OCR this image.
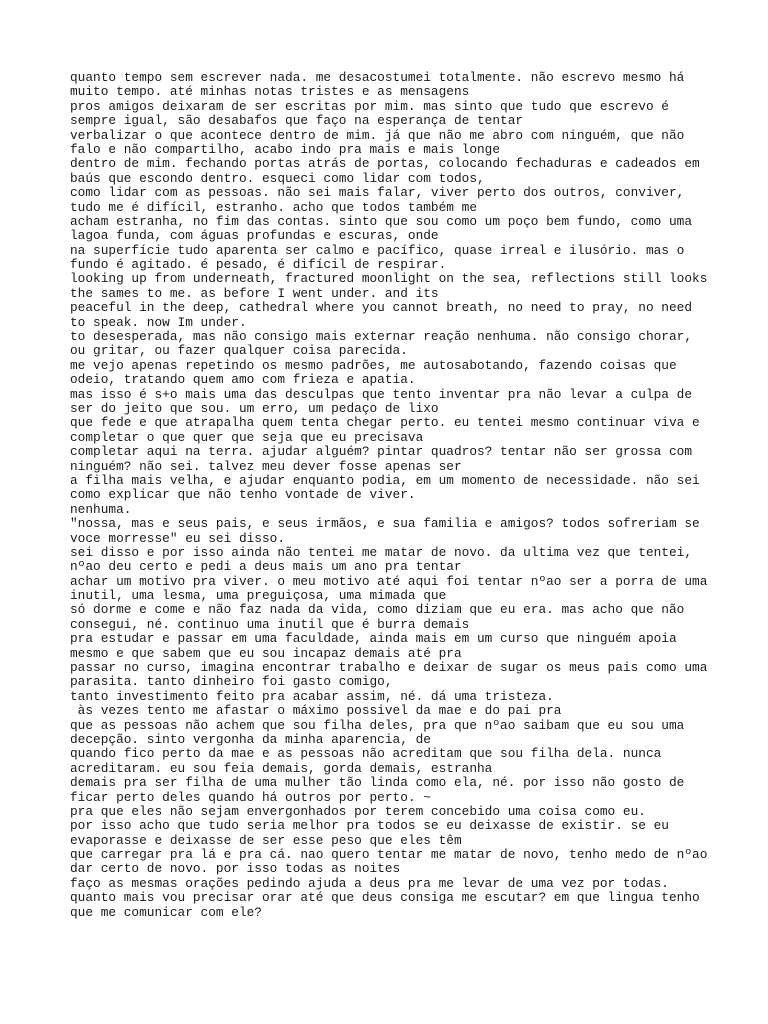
quanto tempo sem escrever nada. me desacostumei totalmente. não escrevo mesmo há
muito tempo. até minhas notas tristes e as mensagens
pros amigos deixaram de ser escritas por mim. mas sinto que tudo que escrevo é
sempre igual, são desabafos que faço na esperança de tentar
verbalizar o que acontece dentro de mim. já que não me abro com ninguém, que não
falo e não compartilho, acabo indo pra mais e mais longe
dentro de mim. fechando portas atrás de portas, colocando fechaduras e cadeados em
baús que escondo dentro. esqueci como lidar com todos,
como lidar com as pessoas. não sei mais falar, viver perto dos outros, conviver,
tudo me é difícil, estranho. acho que todos também me
acham estranha, no fim das contas. sinto que sou como um poço bem fundo, como uma
lagoa funda, com águas profundas e escuras, onde
na superfície tudo aparenta ser calmo e pacífico, quase irreal e ilusório. mas o
fundo é agitado. é pesado, é difícil de respirar.
looking up from underneath, fractured moonlight on the sea, reflections still looks
the sames to me. as before I went under. and its
peaceful in the deep, cathedral where you cannot breath, no need to pray, no need
to speak. now Im under.
to desesperada, mas não consigo mais externar reação nenhuma. não consigo chorar,
ou gritar, ou fazer qualquer coisa parecida.
me vejo apenas repetindo os mesmo padrões, me autosabotando, fazendo coisas que
odeio, tratando quem amo com frieza e apatia.
mas isso é s+o mais uma das desculpas que tento inventar pra não levar a culpa de
ser do jeito que sou. um erro, um pedaço de lixo
que fede e que atrapalha quem tenta chegar perto. eu tentei mesmo continuar viva e
completar o que quer que seja que eu precisava
completar aqui na terra. ajudar alguém? pintar quadros? tentar não ser grossa com
ninguém? não sei. talvez meu dever fosse apenas ser
a filha mais velha, e ajudar enquanto podia, em um momento de necessidade. não sei
como explicar que não tenho vontade de viver.
nenhuma.
"nossa, mas e seus pais, e seus irmãos, e sua familia e amigos? todos sofreriam se
voce morresse" eu sei disso.
sei disso e por isso ainda não tentei me matar de novo. da ultima vez que tentei,
nºao deu certo e pedi a deus mais um ano pra tentar
achar um motivo pra viver. o meu motivo até aqui foi tentar nºao ser a porra de uma
inutil, uma lesma, uma preguiçosa, uma mimada que
só dorme e come e não faz nada da vida, como diziam que eu era. mas acho que não
consegui, né. continuo uma inutil que é burra demais
pra estudar e passar em uma faculdade, ainda mais em um curso que ninguém apoia
mesmo e que sabem que eu sou incapaz demais até pra
passar no curso, imagina encontrar trabalho e deixar de sugar os meus pais como uma
parasita. tanto dinheiro foi gasto comigo,
tanto investimento feito pra acabar assim, né. dá uma tristeza.
às vezes tento me afastar o máximo possivel da mae e do pai pra
que as pessoas não achem que sou filha deles, pra que nºao saibam que eu sou uma
decepção. sinto vergonha da minha aparencia, de
quando fico perto da mae e as pessoas não acreditam que sou filha dela. nunca
acreditaram. eu sou feia demais, gorda demais, estranha
demais pra ser filha de uma mulher tão linda como ela, né. por isso não gosto de
ficar perto deles quando há outros por perto. ~
pra que eles não sejam envergonhados por terem concebido uma coisa como eu.
por isso acho que tudo seria melhor pra todos se eu deixasse de existir. se eu
evaporasse e deixasse de ser esse peso que eles têm
que carregar pra lá e pra cá. nao quero tentar me matar de novo, tenho medo de nºao
dar certo de novo. por isso todas as noites
faço as mesmas orações pedindo ajuda a deus pra me levar de uma vez por todas.
quanto mais vou precisar orar até que deus consiga me escutar? em que lingua tenho
que me comunicar com ele?
